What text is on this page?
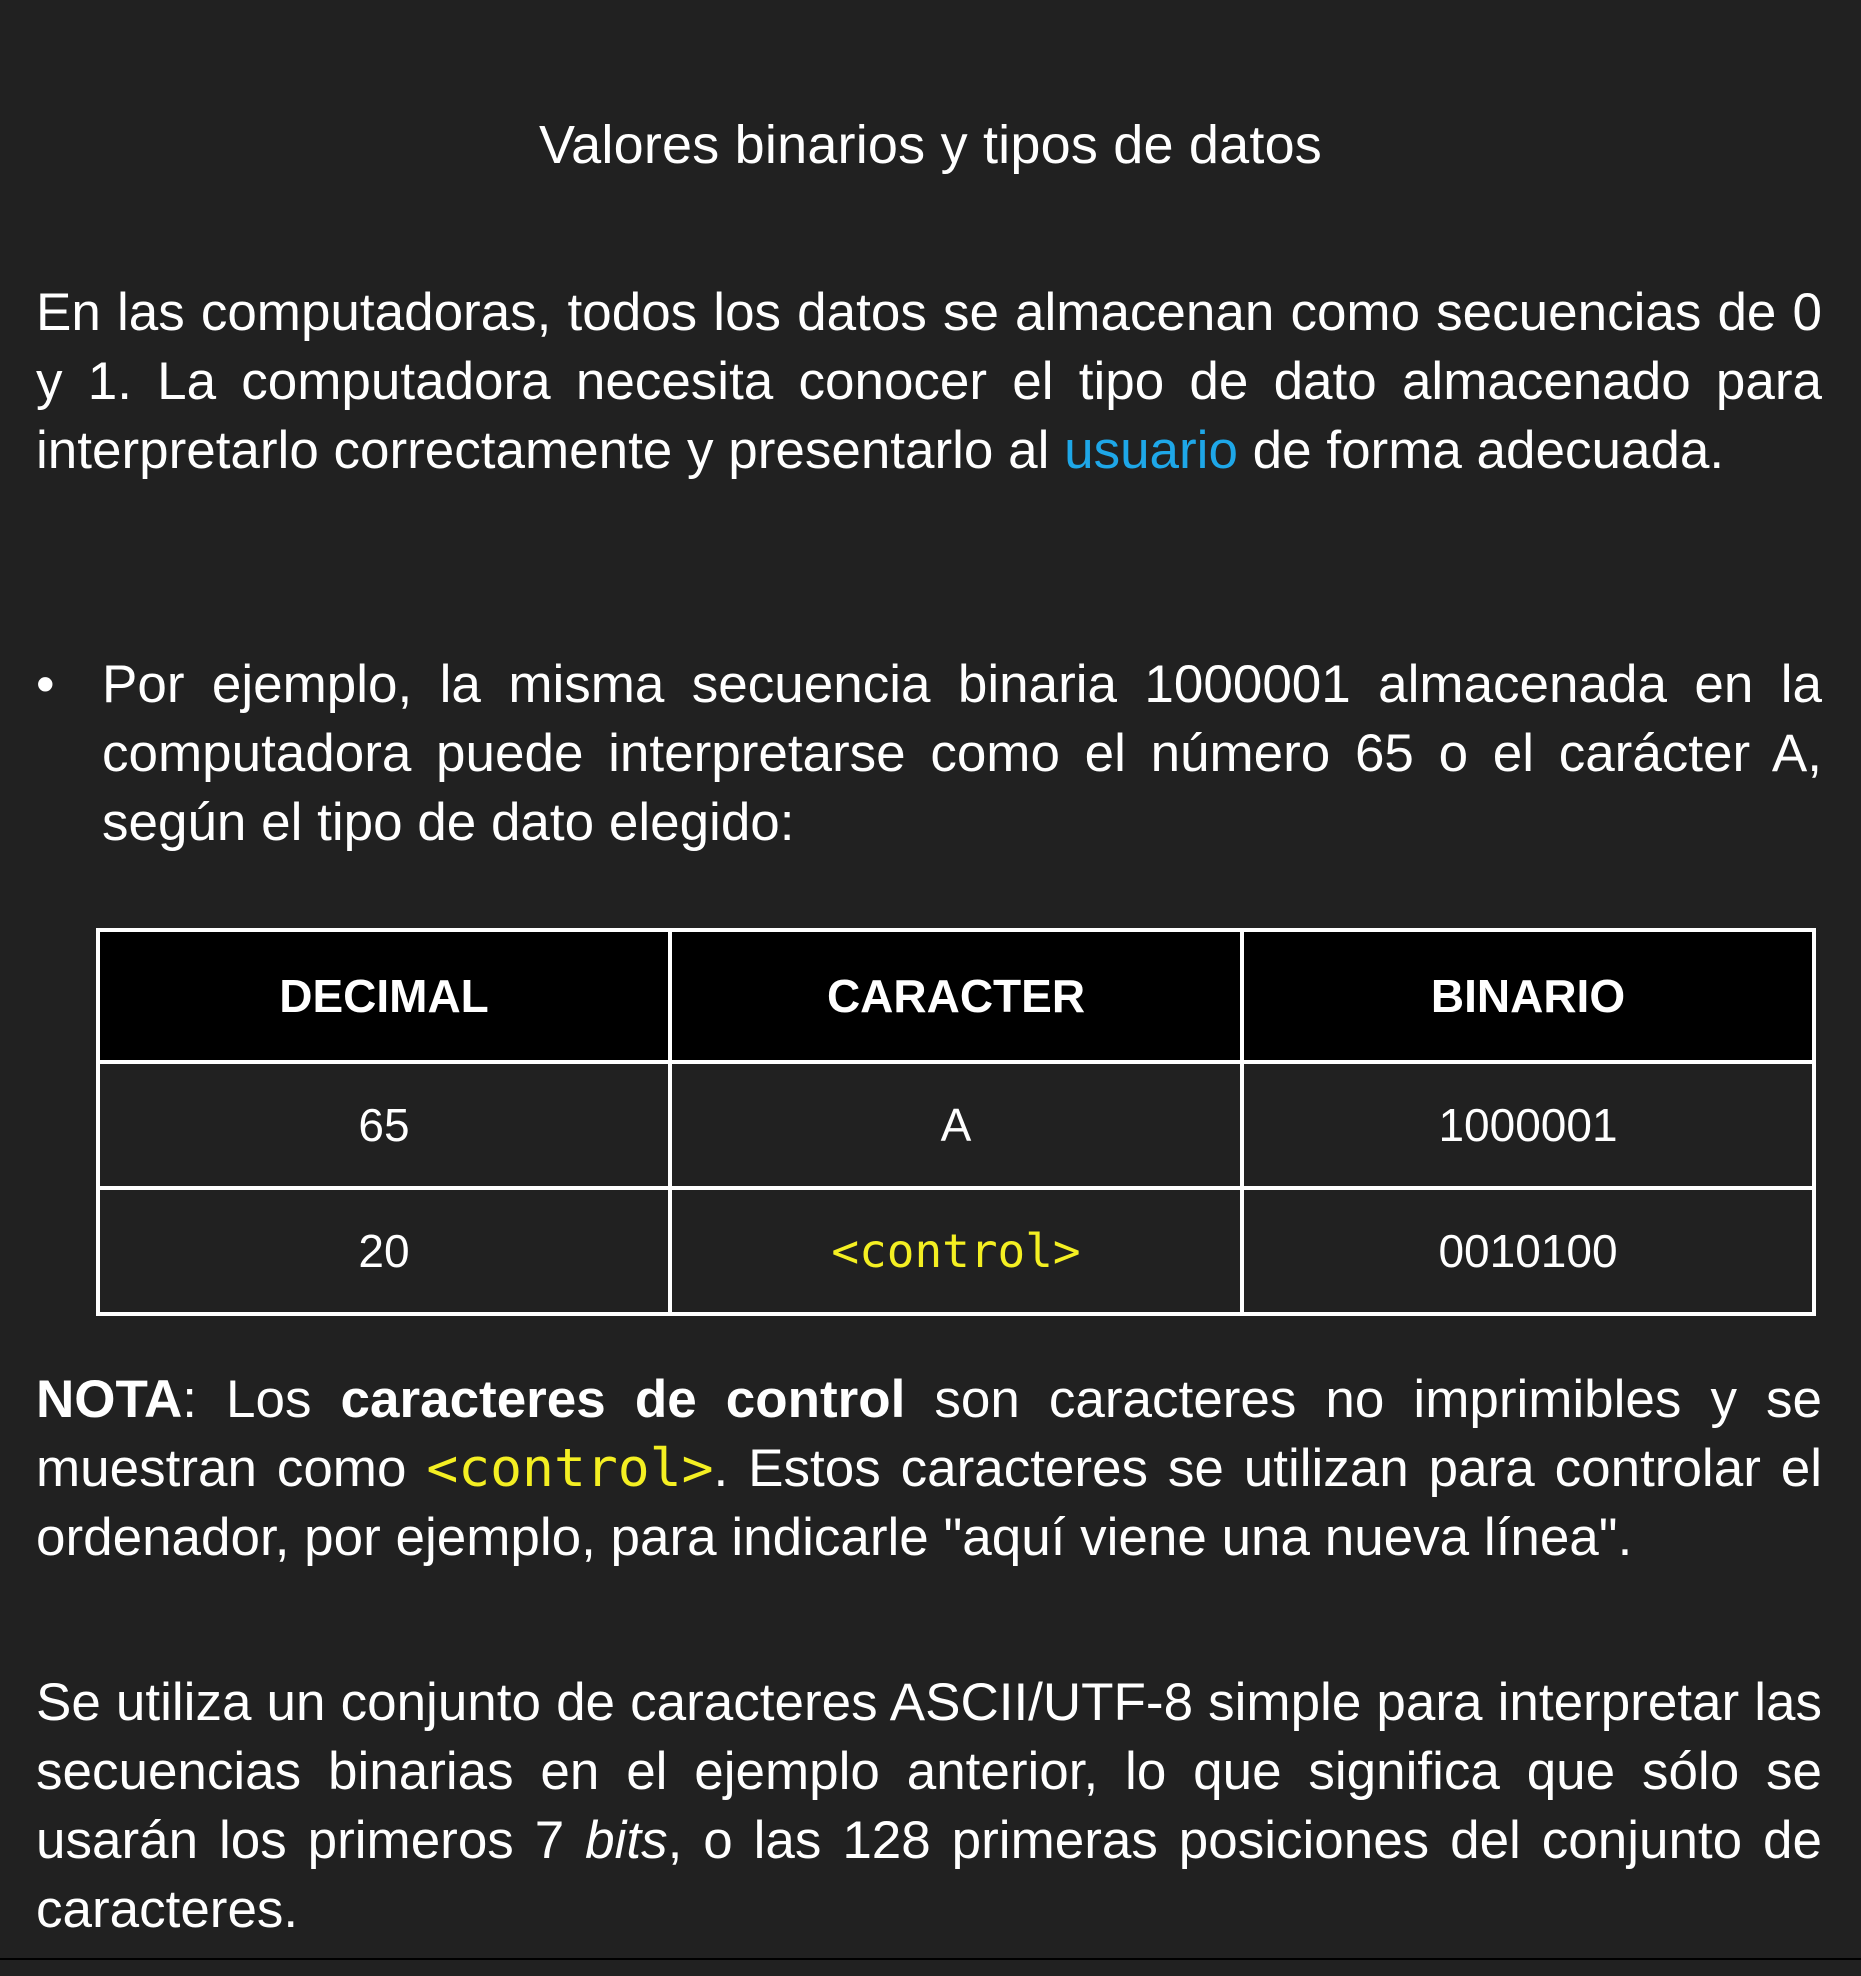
Valores binarios y tipos de datos

En las computadoras, todos los datos se almacenan como secuencias de 0 y 1. La computadora necesita conocer el tipo de dato almacenado para interpretarlo correctamente y presentarlo al usuario de forma adecuada.

• Por ejemplo, la misma secuencia binaria 1000001 almacenada en la computadora puede interpretarse como el número 65 o el carácter A, según el tipo de dato elegido:

DECIMAL	CARACTER	BINARIO
65	A	1000001
20	<control>	0010100

NOTA: Los caracteres de control son caracteres no imprimibles y se muestran como <control>. Estos caracteres se utilizan para controlar el ordenador, por ejemplo, para indicarle "aquí viene una nueva línea".

Se utiliza un conjunto de caracteres ASCII/UTF-8 simple para interpretar las secuencias binarias en el ejemplo anterior, lo que significa que sólo se usarán los primeros 7 bits, o las 128 primeras posiciones del conjunto de caracteres.
